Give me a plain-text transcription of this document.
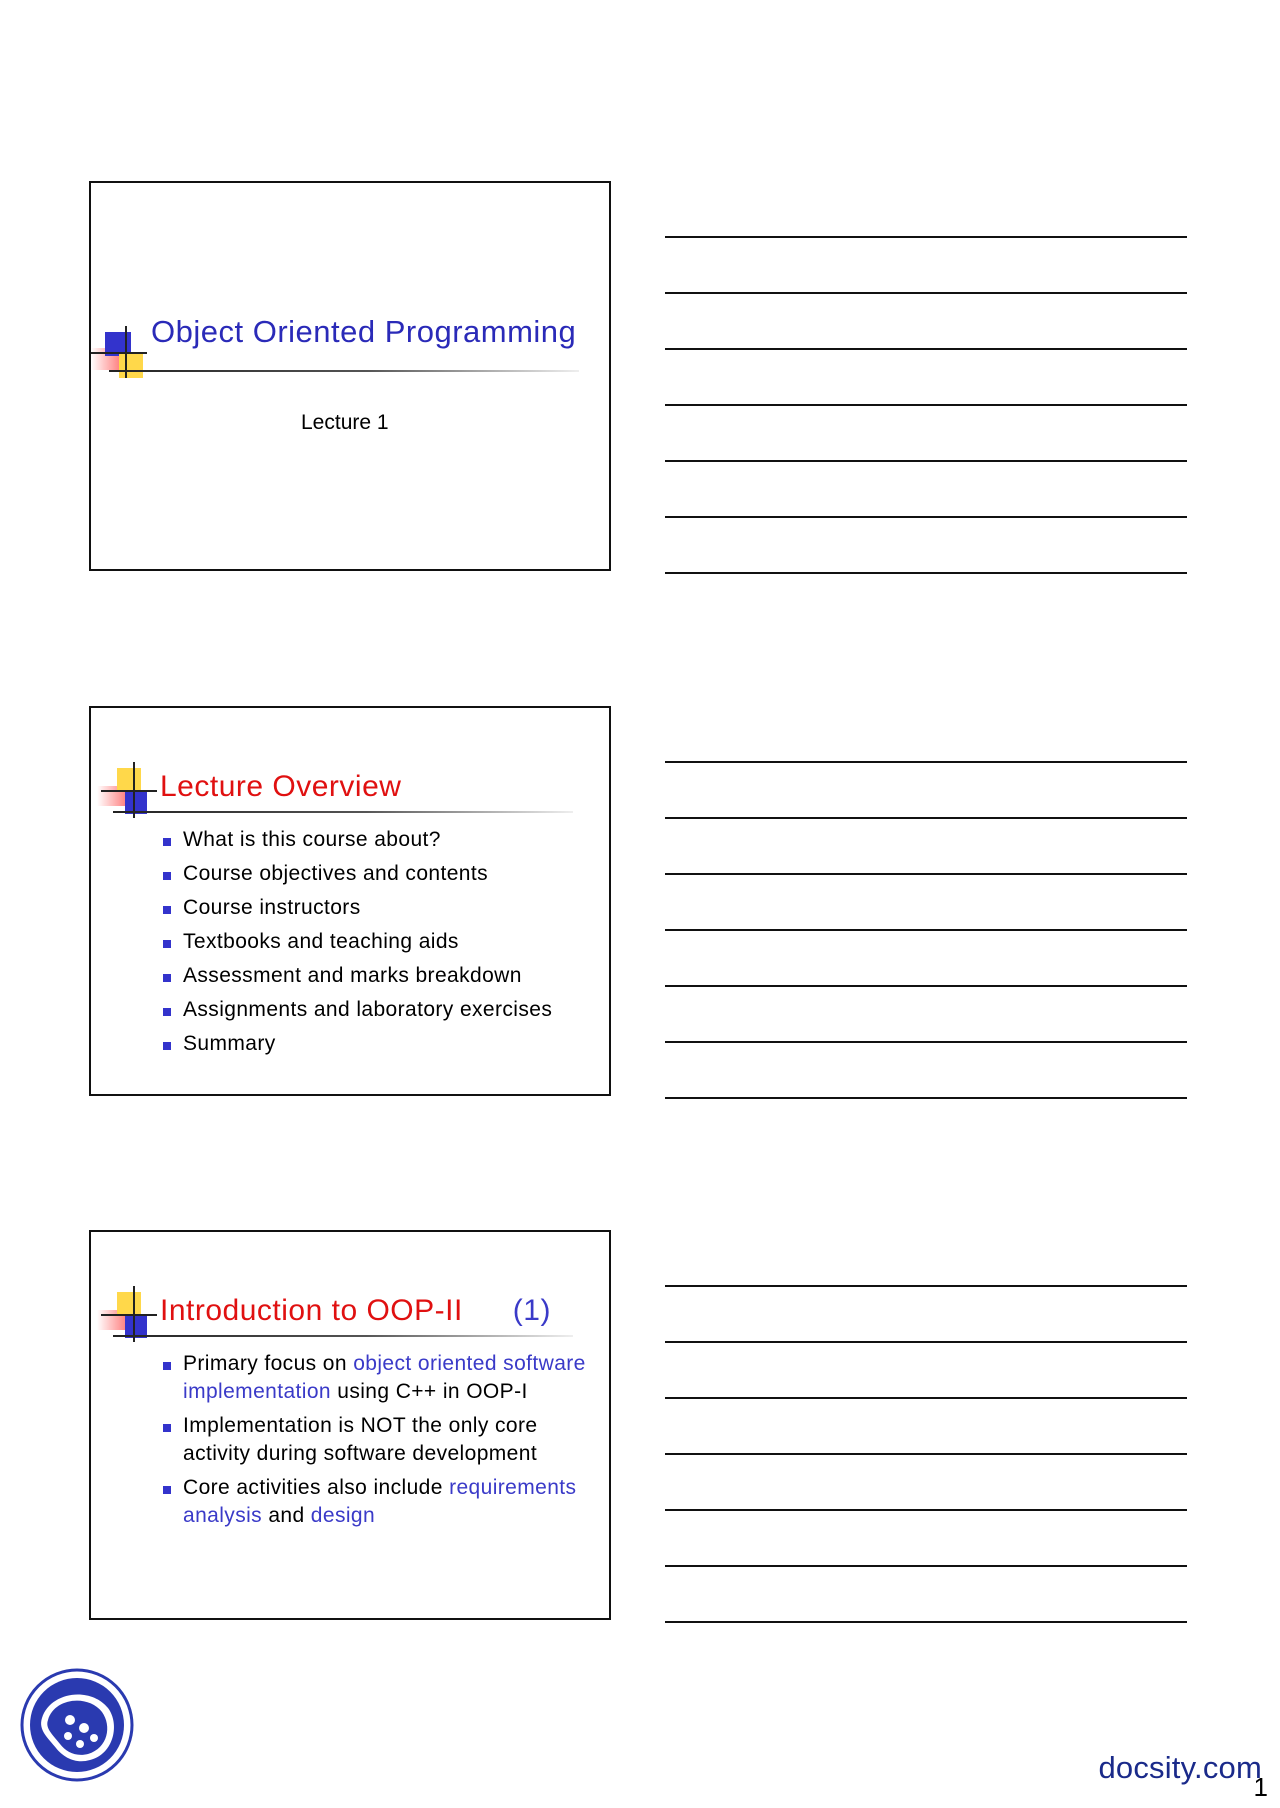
Object Oriented Programming
Lecture 1
Lecture Overview
What is this course about?
Course objectives and contents
Course instructors
Textbooks and teaching aids
Assessment and marks breakdown
Assignments and laboratory exercises
Summary
Introduction to OOP-II (1)
Primary focus on object oriented software implementation using C++ in OOP-I
Implementation is NOT the only core activity during software development
Core activities also include requirements analysis and design
docsity.com
1
